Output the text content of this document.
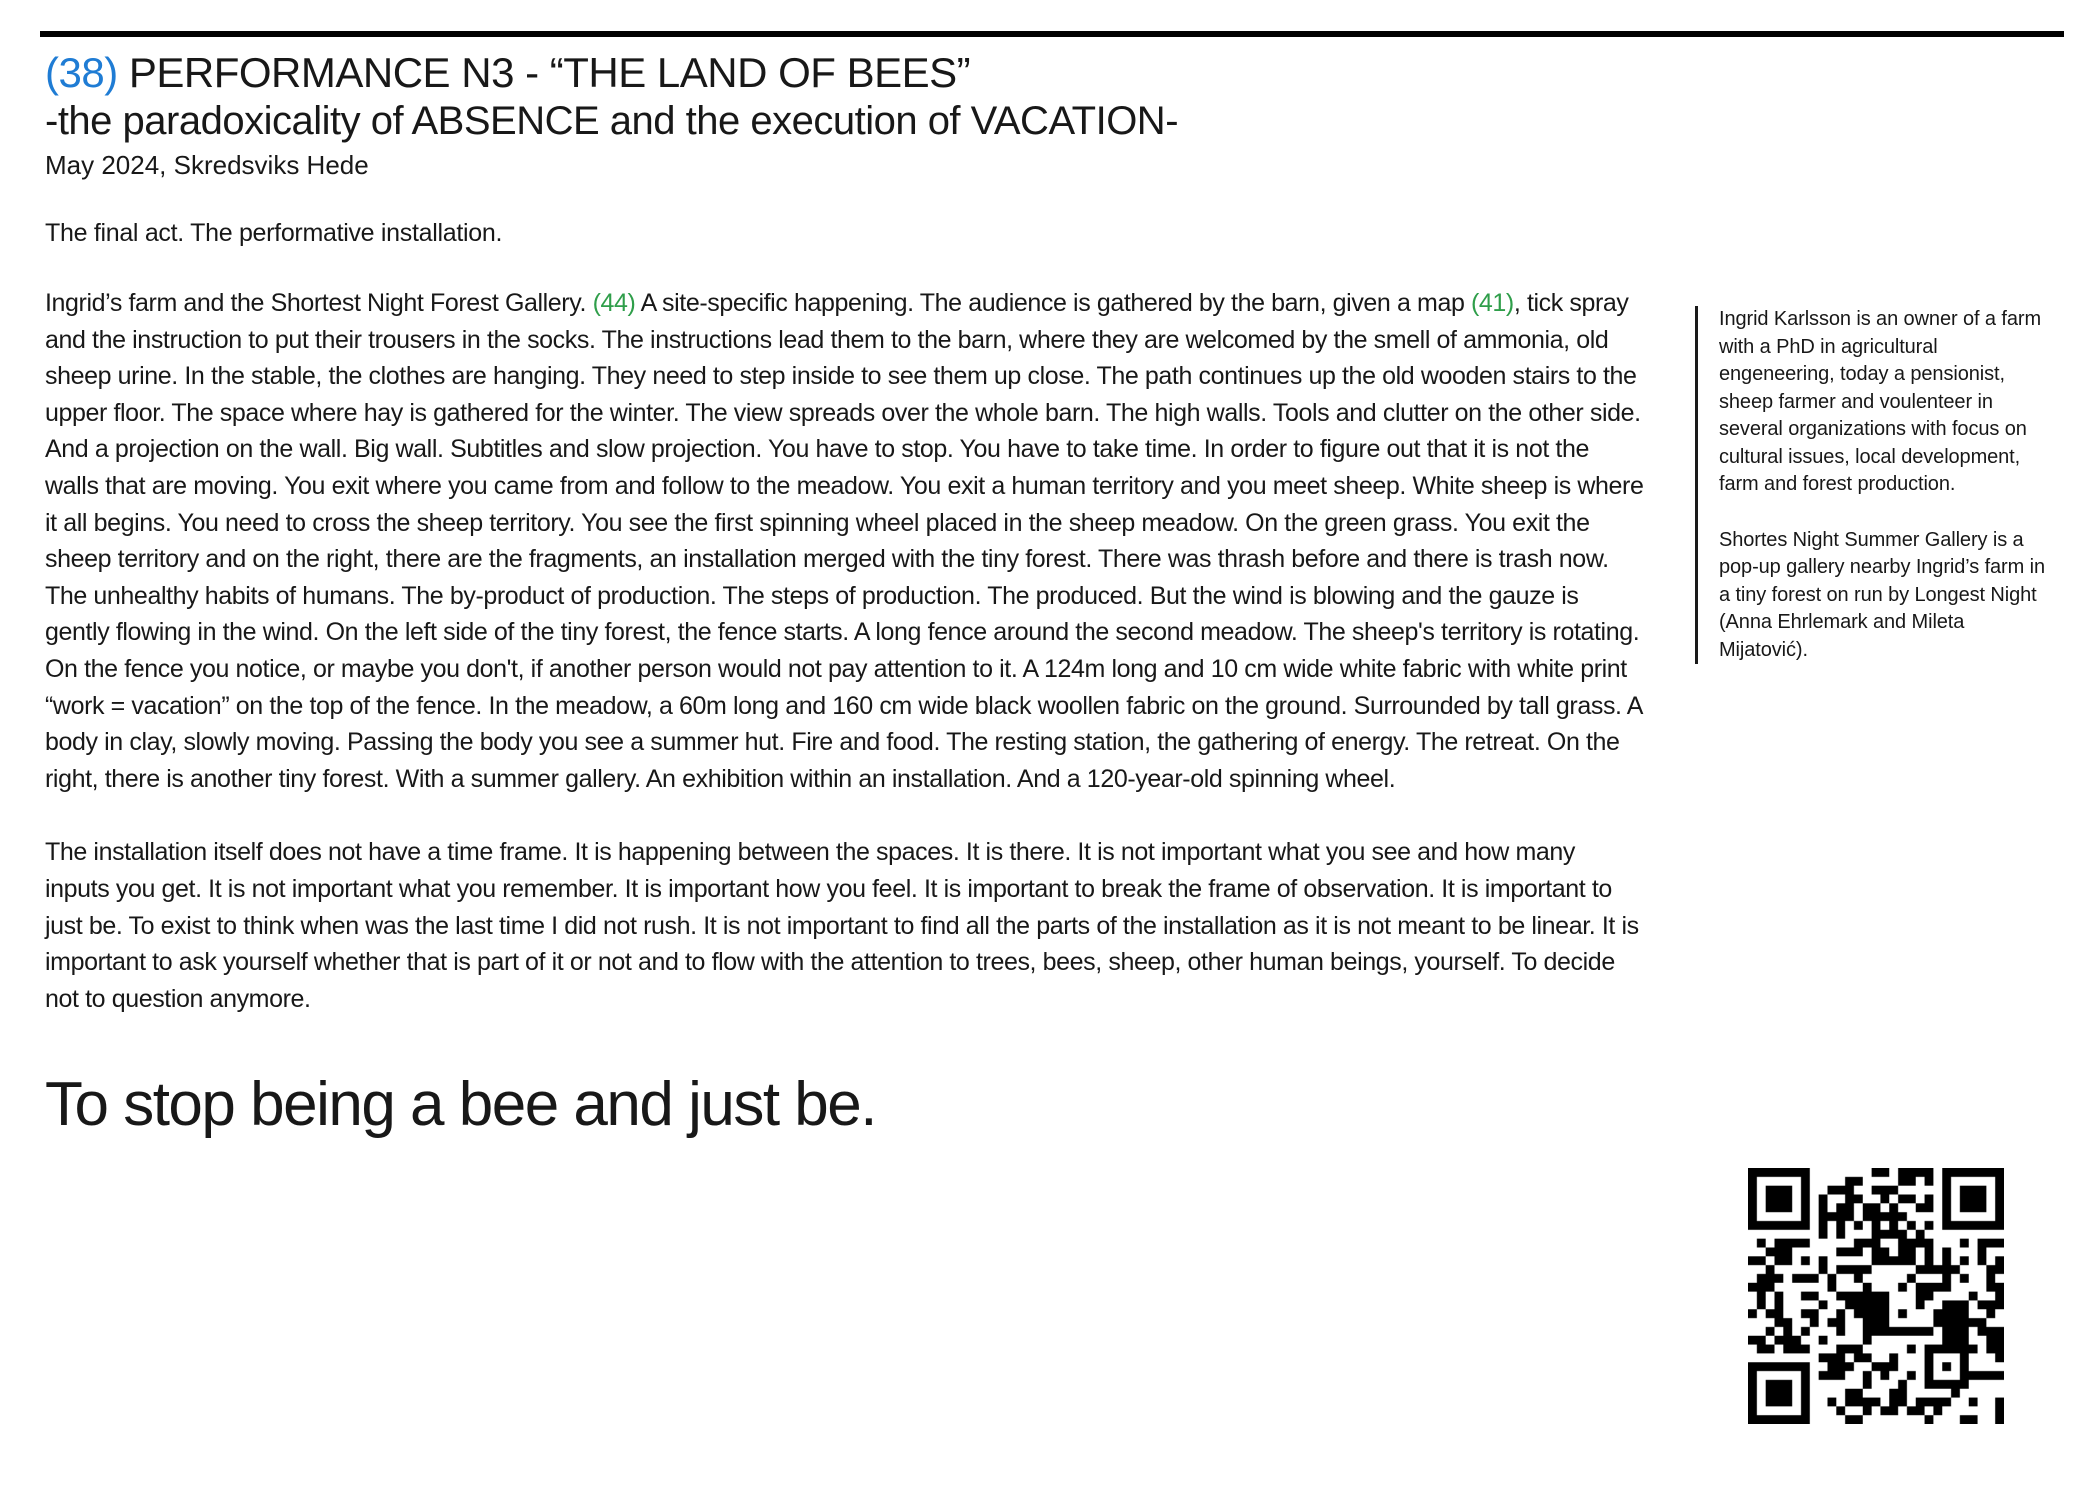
(38) PERFORMANCE N3 - “THE LAND OF BEES”
-the paradoxicality of ABSENCE and the execution of VACATION-
May 2024, Skredsviks Hede

The final act. The performative installation.

Ingrid’s farm and the Shortest Night Forest Gallery. (44) A site-specific happening. The audience is gathered by the barn, given a map (41), tick spray and the instruction to put their trousers in the socks. The instructions lead them to the barn, where they are welcomed by the smell of ammonia, old sheep urine. In the stable, the clothes are hanging. They need to step inside to see them up close. The path continues up the old wooden stairs to the upper floor. The space where hay is gathered for the winter. The view spreads over the whole barn. The high walls. Tools and clutter on the other side. And a projection on the wall. Big wall. Subtitles and slow projection. You have to stop. You have to take time. In order to figure out that it is not the walls that are moving. You exit where you came from and follow to the meadow. You exit a human territory and you meet sheep. White sheep is where it all begins. You need to cross the sheep territory. You see the first spinning wheel placed in the sheep meadow. On the green grass. You exit the sheep territory and on the right, there are the fragments, an installation merged with the tiny forest. There was thrash before and there is trash now. The unhealthy habits of humans. The by-product of production. The steps of production. The produced. But the wind is blowing and the gauze is gently flowing in the wind. On the left side of the tiny forest, the fence starts. A long fence around the second meadow. The sheep's territory is rotating. On the fence you notice, or maybe you don't, if another person would not pay attention to it. A 124m long and 10 cm wide white fabric with white print “work = vacation” on the top of the fence. In the meadow, a 60m long and 160 cm wide black woollen fabric on the ground. Surrounded by tall grass. A body in clay, slowly moving. Passing the body you see a summer hut. Fire and food. The resting station, the gathering of energy. The retreat. On the right, there is another tiny forest. With a summer gallery. An exhibition within an installation. And a 120-year-old spinning wheel.

The installation itself does not have a time frame. It is happening between the spaces. It is there. It is not important what you see and how many inputs you get. It is not important what you remember. It is important how you feel. It is important to break the frame of observation. It is important to just be. To exist to think when was the last time I did not rush. It is not important to find all the parts of the installation as it is not meant to be linear. It is important to ask yourself whether that is part of it or not and to flow with the attention to trees, bees, sheep, other human beings, yourself. To decide not to question anymore.

To stop being a bee and just be.

Ingrid Karlsson is an owner of a farm with a PhD in agricultural engeneering, today a pensionist, sheep farmer and voulenteer in several organizations with focus on cultural issues, local development, farm and forest production.

Shortes Night Summer Gallery is a pop-up gallery nearby Ingrid’s farm in a tiny forest on run by Longest Night (Anna Ehrlemark and Mileta Mijatović).
